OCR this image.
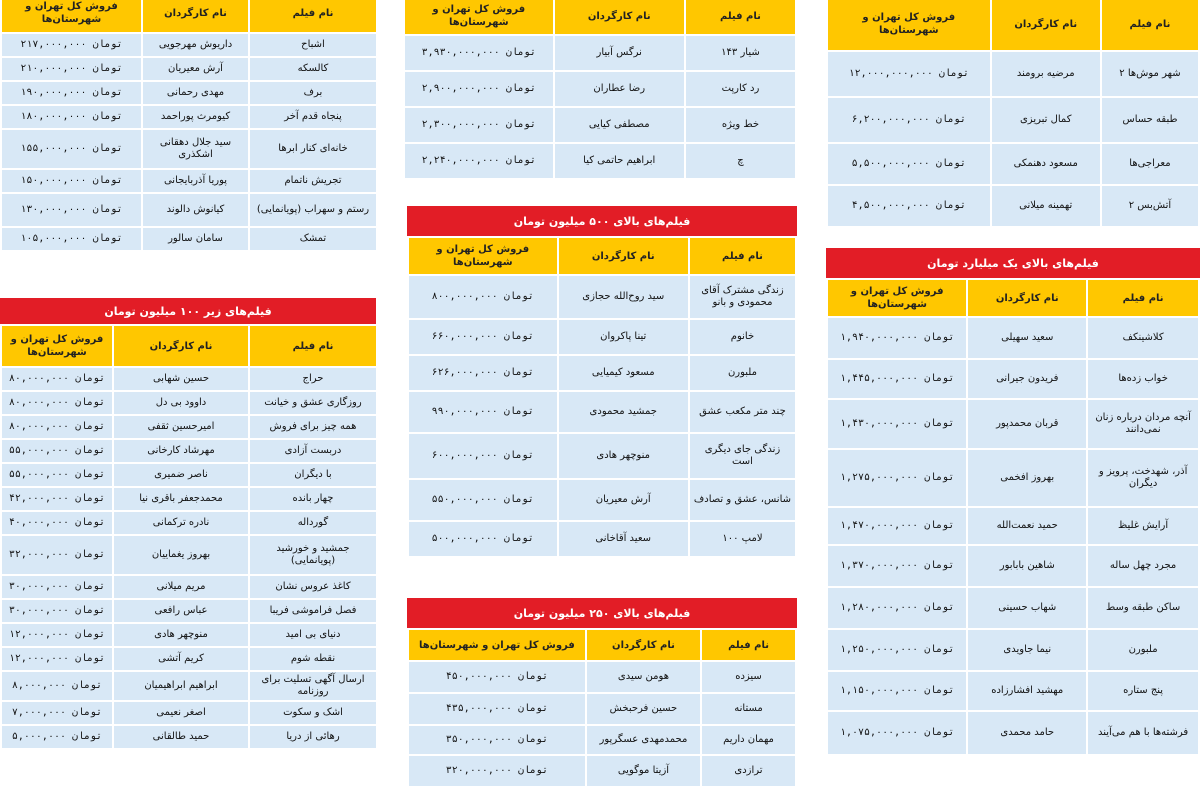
نام فیلم	نام کارگردان	فروش کل تهران و شهرستان‌ها
اشباح	داریوش مهرجویی	۲۱۷,۰۰۰,۰۰۰ تومان
کالسکه	آرش معیریان	۲۱۰,۰۰۰,۰۰۰ تومان
برف	مهدی رحمانی	۱۹۰,۰۰۰,۰۰۰ تومان
پنجاه قدم آخر	کیومرث پوراحمد	۱۸۰,۰۰۰,۰۰۰ تومان
خانه‌ای کنار ابرها	سید جلال دهقانی اشکذری	۱۵۵,۰۰۰,۰۰۰ تومان
تجریش ناتمام	پوریا آذربایجانی	۱۵۰,۰۰۰,۰۰۰ تومان
رستم و سهراب (پویانمایی)	کیانوش دالوند	۱۳۰,۰۰۰,۰۰۰ تومان
تمشک	سامان سالور	۱۰۵,۰۰۰,۰۰۰ تومان
فیلم‌های زیر ۱۰۰ میلیون تومان
نام فیلم	نام کارگردان	فروش کل تهران و شهرستان‌ها
حراج	حسین شهابی	۸۰,۰۰۰,۰۰۰ تومان
روزگاری عشق و خیانت	داوود بی دل	۸۰,۰۰۰,۰۰۰ تومان
همه چیز برای فروش	امیرحسین ثقفی	۸۰,۰۰۰,۰۰۰ تومان
دربست آزادی	مهرشاد کارخانی	۵۵,۰۰۰,۰۰۰ تومان
با دیگران	ناصر ضمیری	۵۵,۰۰۰,۰۰۰ تومان
چهار بانده	محمدجعفر باقری نیا	۴۲,۰۰۰,۰۰۰ تومان
گورداله	نادره ترکمانی	۴۰,۰۰۰,۰۰۰ تومان
جمشید و خورشید (پویانمایی)	بهروز یغماییان	۳۲,۰۰۰,۰۰۰ تومان
کاغذ عروس نشان	مریم میلانی	۳۰,۰۰۰,۰۰۰ تومان
فصل فراموشی فریبا	عباس رافعی	۳۰,۰۰۰,۰۰۰ تومان
دنیای بی امید	منوچهر هادی	۱۲,۰۰۰,۰۰۰ تومان
نقطه شوم	کریم آتشی	۱۲,۰۰۰,۰۰۰ تومان
ارسال آگهی تسلیت برای روزنامه	ابراهیم ابراهیمیان	۸,۰۰۰,۰۰۰ تومان
اشک و سکوت	اصغر نعیمی	۷,۰۰۰,۰۰۰ تومان
رهائی از دریا	حمید طالقانی	۵,۰۰۰,۰۰۰ تومان
نام فیلم	نام کارگردان	فروش کل تهران و شهرستان‌ها
شیار ۱۴۳	نرگس آبیار	۳,۹۳۰,۰۰۰,۰۰۰ تومان
رد کارپت	رضا عطاران	۲,۹۰۰,۰۰۰,۰۰۰ تومان
خط ویژه	مصطفی کیایی	۲,۳۰۰,۰۰۰,۰۰۰ تومان
چ	ابراهیم حاتمی کیا	۲,۲۴۰,۰۰۰,۰۰۰ تومان
فیلم‌های بالای ۵۰۰ میلیون تومان
نام فیلم	نام کارگردان	فروش کل تهران و شهرستان‌ها
زندگی مشترک آقای محمودی و بانو	سید روح‌الله حجازی	۸۰۰,۰۰۰,۰۰۰ تومان
خانوم	تینا پاکروان	۶۶۰,۰۰۰,۰۰۰ تومان
ملبورن	مسعود کیمیایی	۶۲۶,۰۰۰,۰۰۰ تومان
چند متر مکعب عشق	جمشید محمودی	۹۹۰,۰۰۰,۰۰۰ تومان
زندگی جای دیگری است	منوچهر هادی	۶۰۰,۰۰۰,۰۰۰ تومان
شانس، عشق و تصادف	آرش معیریان	۵۵۰,۰۰۰,۰۰۰ تومان
لامپ ۱۰۰	سعید آقاخانی	۵۰۰,۰۰۰,۰۰۰ تومان
فیلم‌های بالای ۲۵۰ میلیون تومان
نام فیلم	نام کارگردان	فروش کل تهران و شهرستان‌ها
سیزده	هومن سیدی	۴۵۰,۰۰۰,۰۰۰ تومان
مستانه	حسین فرحبخش	۴۳۵,۰۰۰,۰۰۰ تومان
مهمان داریم	محمدمهدی عسگرپور	۳۵۰,۰۰۰,۰۰۰ تومان
ترازدی	آزیتا موگویی	۳۲۰,۰۰۰,۰۰۰ تومان
نام فیلم	نام کارگردان	فروش کل تهران و شهرستان‌ها
شهر موش‌ها ۲	مرضیه برومند	۱۲,۰۰۰,۰۰۰,۰۰۰ تومان
طبقه حساس	کمال تبریزی	۶,۲۰۰,۰۰۰,۰۰۰ تومان
معراجی‌ها	مسعود دهنمکی	۵,۵۰۰,۰۰۰,۰۰۰ تومان
آتش‌بس ۲	تهمینه میلانی	۴,۵۰۰,۰۰۰,۰۰۰ تومان
فیلم‌های بالای یک میلیارد تومان
نام فیلم	نام کارگردان	فروش کل تهران و شهرستان‌ها
کلاشینکف	سعید سهیلی	۱,۹۴۰,۰۰۰,۰۰۰ تومان
خواب زده‌ها	فریدون جیرانی	۱,۴۴۵,۰۰۰,۰۰۰ تومان
آنچه مردان درباره زنان نمی‌دانند	قربان محمدپور	۱,۴۳۰,۰۰۰,۰۰۰ تومان
آذر، شهدخت، پرویز و دیگران	بهروز افخمی	۱,۲۷۵,۰۰۰,۰۰۰ تومان
آرایش غلیظ	حمید نعمت‌الله	۱,۴۷۰,۰۰۰,۰۰۰ تومان
مجرد چهل ساله	شاهین بابابور	۱,۳۷۰,۰۰۰,۰۰۰ تومان
ساکن طبقه وسط	شهاب حسینی	۱,۲۸۰,۰۰۰,۰۰۰ تومان
ملبورن	نیما جاویدی	۱,۲۵۰,۰۰۰,۰۰۰ تومان
پنج ستاره	مهشید افشارزاده	۱,۱۵۰,۰۰۰,۰۰۰ تومان
فرشته‌ها با هم می‌آیند	حامد محمدی	۱,۰۷۵,۰۰۰,۰۰۰ تومان
